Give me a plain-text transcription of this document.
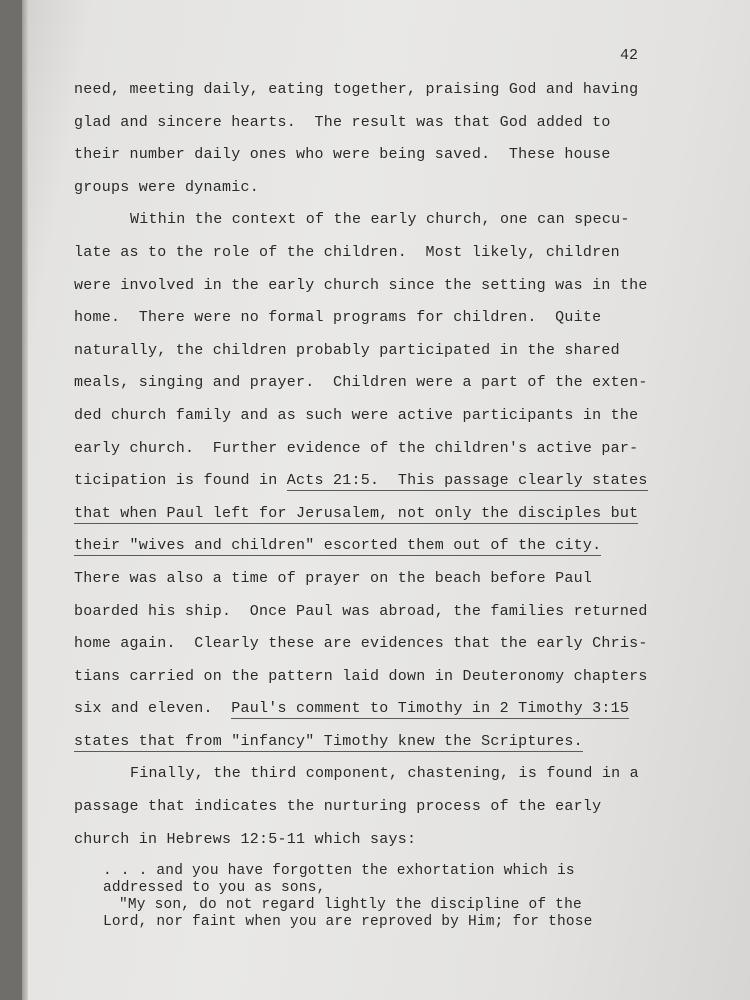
42
need, meeting daily, eating together, praising God and having
glad and sincere hearts.  The result was that God added to
their number daily ones who were being saved.  These house
groups were dynamic.
Within the context of the early church, one can specu-
late as to the role of the children.  Most likely, children
were involved in the early church since the setting was in the
home.  There were no formal programs for children.  Quite
naturally, the children probably participated in the shared
meals, singing and prayer.  Children were a part of the exten-
ded church family and as such were active participants in the
early church.  Further evidence of the children's active par-
ticipation is found in Acts 21:5.  This passage clearly states
that when Paul left for Jerusalem, not only the disciples but
their "wives and children" escorted them out of the city.
There was also a time of prayer on the beach before Paul
boarded his ship.  Once Paul was abroad, the families returned
home again.  Clearly these are evidences that the early Chris-
tians carried on the pattern laid down in Deuteronomy chapters
six and eleven.  Paul's comment to Timothy in 2 Timothy 3:15
states that from "infancy" Timothy knew the Scriptures.
Finally, the third component, chastening, is found in a
passage that indicates the nurturing process of the early
church in Hebrews 12:5-11 which says:
. . . and you have forgotten the exhortation which is
addressed to you as sons,
"My son, do not regard lightly the discipline of the
Lord, nor faint when you are reproved by Him; for those
